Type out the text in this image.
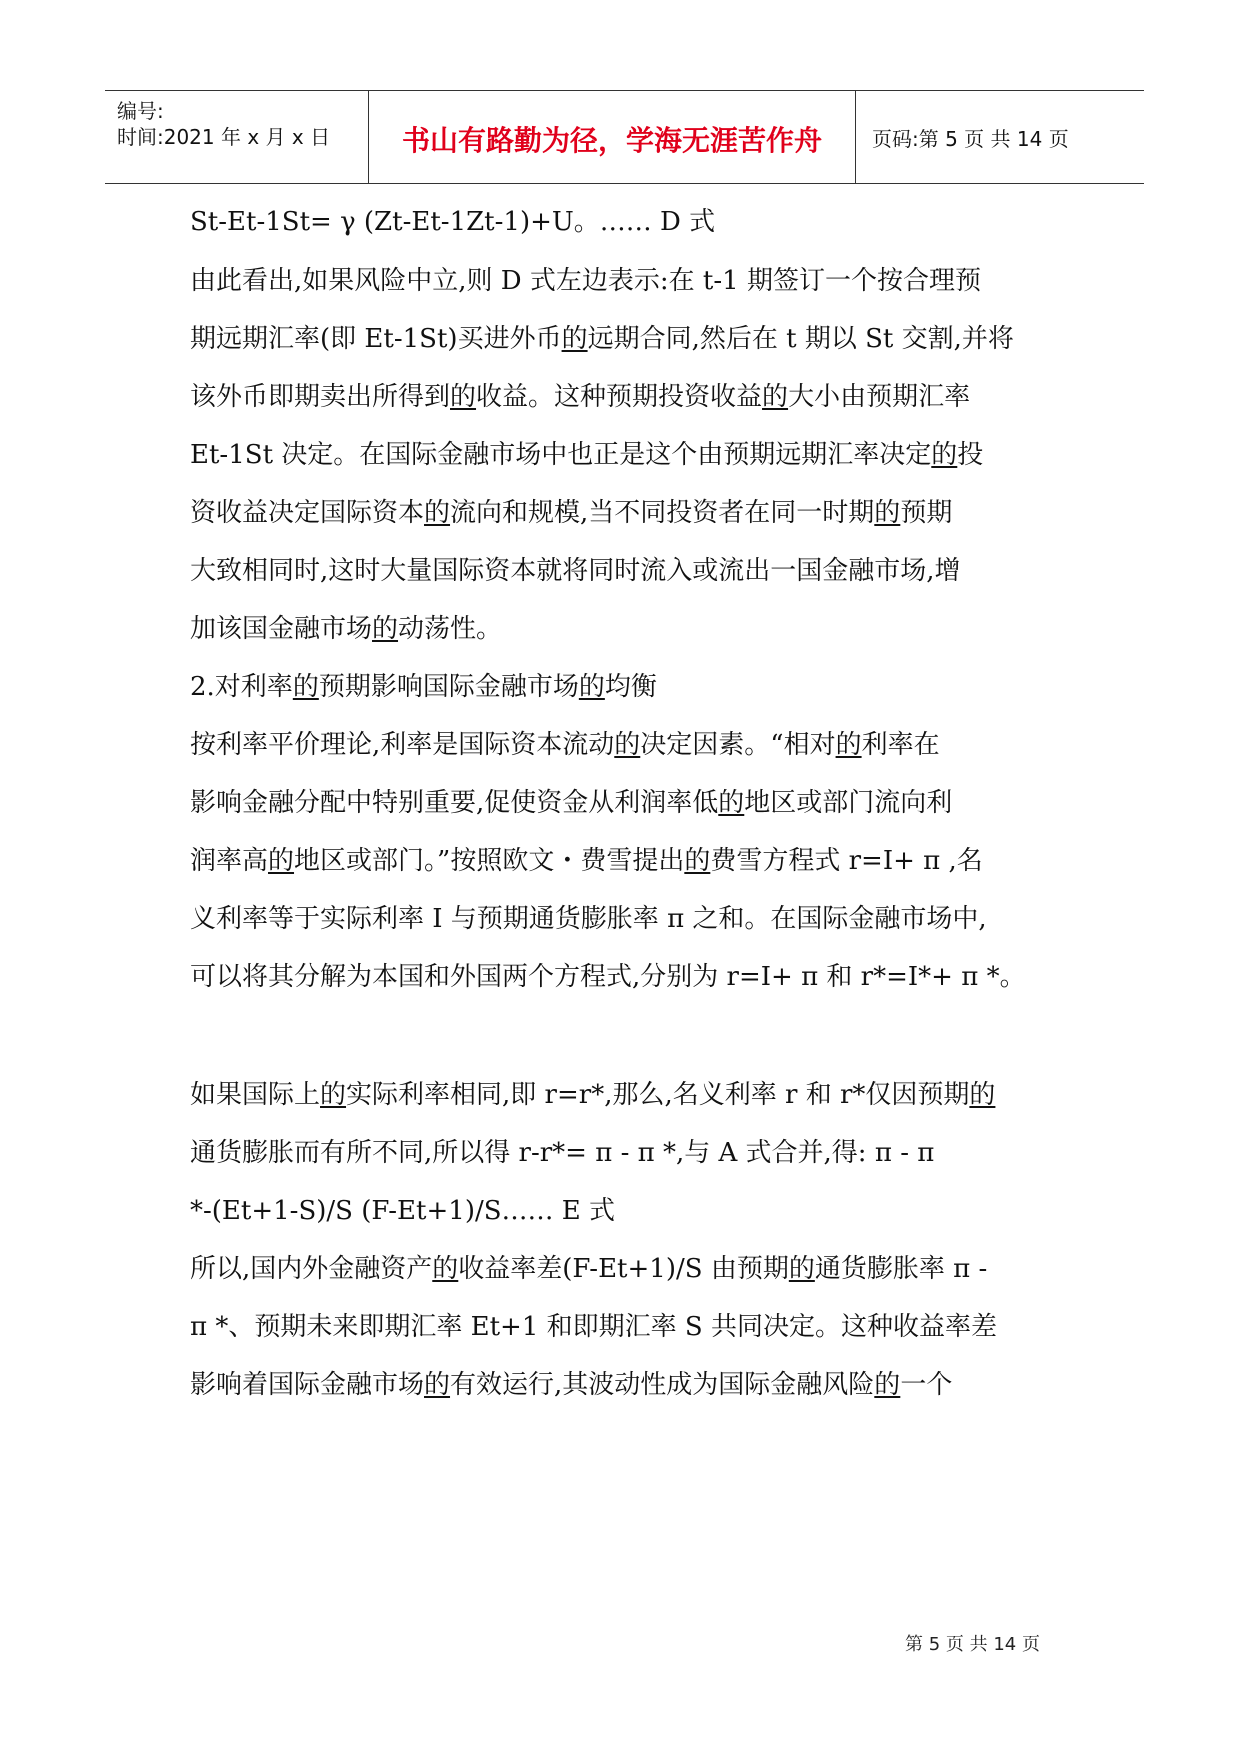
编号:
时间:2021 年 x 月 x 日	书山有路勤为径，学海无涯苦作舟	页码:第 5 页 共 14 页
St-Et-1St= γ (Zt-Et-1Zt-1)+U。…… D 式
由此看出,如果风险中立,则 D 式左边表示:在 t-1 期签订一个按合理预
期远期汇率(即 Et-1St)买进外币的远期合同,然后在 t 期以 St 交割,并将
该外币即期卖出所得到的收益。这种预期投资收益的大小由预期汇率
Et-1St 决定。在国际金融市场中也正是这个由预期远期汇率决定的投
资收益决定国际资本的流向和规模,当不同投资者在同一时期的预期
大致相同时,这时大量国际资本就将同时流入或流出一国金融市场,增
加该国金融市场的动荡性。
2.对利率的预期影响国际金融市场的均衡
按利率平价理论,利率是国际资本流动的决定因素。“相对的利率在
影响金融分配中特别重要,促使资金从利润率低的地区或部门流向利
润率高的地区或部门。”按照欧文・费雪提出的费雪方程式 r=I+ π ,名
义利率等于实际利率 I 与预期通货膨胀率 π 之和。在国际金融市场中,
可以将其分解为本国和外国两个方程式,分别为 r=I+ π 和 r*=I*+ π *。
如果国际上的实际利率相同,即 r=r*,那么,名义利率 r 和 r*仅因预期的
通货膨胀而有所不同,所以得 r-r*= π - π *,与 A 式合并,得: π - π
*-(Et+1-S)/S (F-Et+1)/S…… E 式
所以,国内外金融资产的收益率差(F-Et+1)/S 由预期的通货膨胀率 π -
π *、预期未来即期汇率 Et+1 和即期汇率 S 共同决定。这种收益率差
影响着国际金融市场的有效运行,其波动性成为国际金融风险的一个
第 5 页 共 14 页
